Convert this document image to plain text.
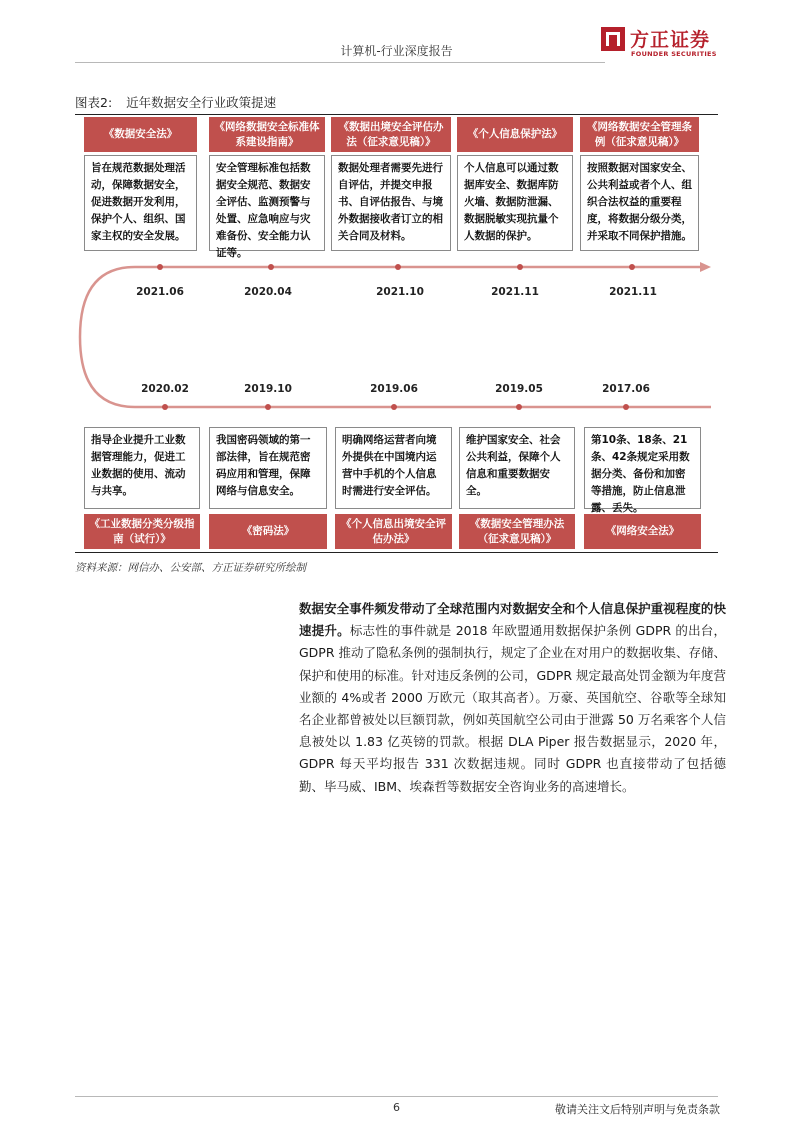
计算机-行业深度报告	方正证券
FOUNDER SECURITIES
图表2: 近年数据安全行业政策提速
《数据安全法》
《网络数据安全标准体系建设指南》
《数据出境安全评估办法（征求意见稿）》
《个人信息保护法》
《网络数据安全管理条例（征求意见稿）》
旨在规范数据处理活动，保障数据安全，促进数据开发利用，保护个人、组织、国家主权的安全发展。
安全管理标准包括数据安全规范、数据安全评估、监测预警与处置、应急响应与灾难备份、安全能力认证等。
数据处理者需要先进行自评估，并提交申报书、自评估报告、与境外数据接收者订立的相关合同及材料。
个人信息可以通过数据库安全、数据库防火墙、数据防泄漏、数据脱敏实现抗量个人数据的保护。
按照数据对国家安全、公共利益或者个人、组织合法权益的重要程度，将数据分级分类，并采取不同保护措施。
2021.06	2020.04	2021.10	2021.11	2021.11
2020.02	2019.10	2019.06	2019.05	2017.06
指导企业提升工业数据管理能力，促进工业数据的使用、流动与共享。
我国密码领域的第一部法律，旨在规范密码应用和管理，保障网络与信息安全。
明确网络运营者向境外提供在中国境内运营中手机的个人信息时需进行安全评估。
维护国家安全、社会公共利益，保障个人信息和重要数据安全。
第10条、18条、21条、42条规定采用数据分类、备份和加密等措施，防止信息泄露、丢失。
《工业数据分类分级指南（试行）》
《密码法》
《个人信息出境安全评估办法》
《数据安全管理办法（征求意见稿）》
《网络安全法》
资料来源：网信办、公安部、方正证券研究所绘制
数据安全事件频发带动了全球范围内对数据安全和个人信息保护重视程度的快速提升。标志性的事件就是 2018 年欧盟通用数据保护条例 GDPR 的出台，GDPR 推动了隐私条例的强制执行，规定了企业在对用户的数据收集、存储、保护和使用的标准。针对违反条例的公司，GDPR 规定最高处罚金额为年度营业额的 4%或者 2000 万欧元（取其高者）。万豪、英国航空、谷歌等全球知名企业都曾被处以巨额罚款，例如英国航空公司由于泄露 50 万名乘客个人信息被处以 1.83 亿英镑的罚款。根据 DLA Piper 报告数据显示，2020 年，GDPR 每天平均报告 331 次数据违规。同时 GDPR 也直接带动了包括德勤、毕马威、IBM、埃森哲等数据安全咨询业务的高速增长。
6	敬请关注文后特别声明与免责条款
